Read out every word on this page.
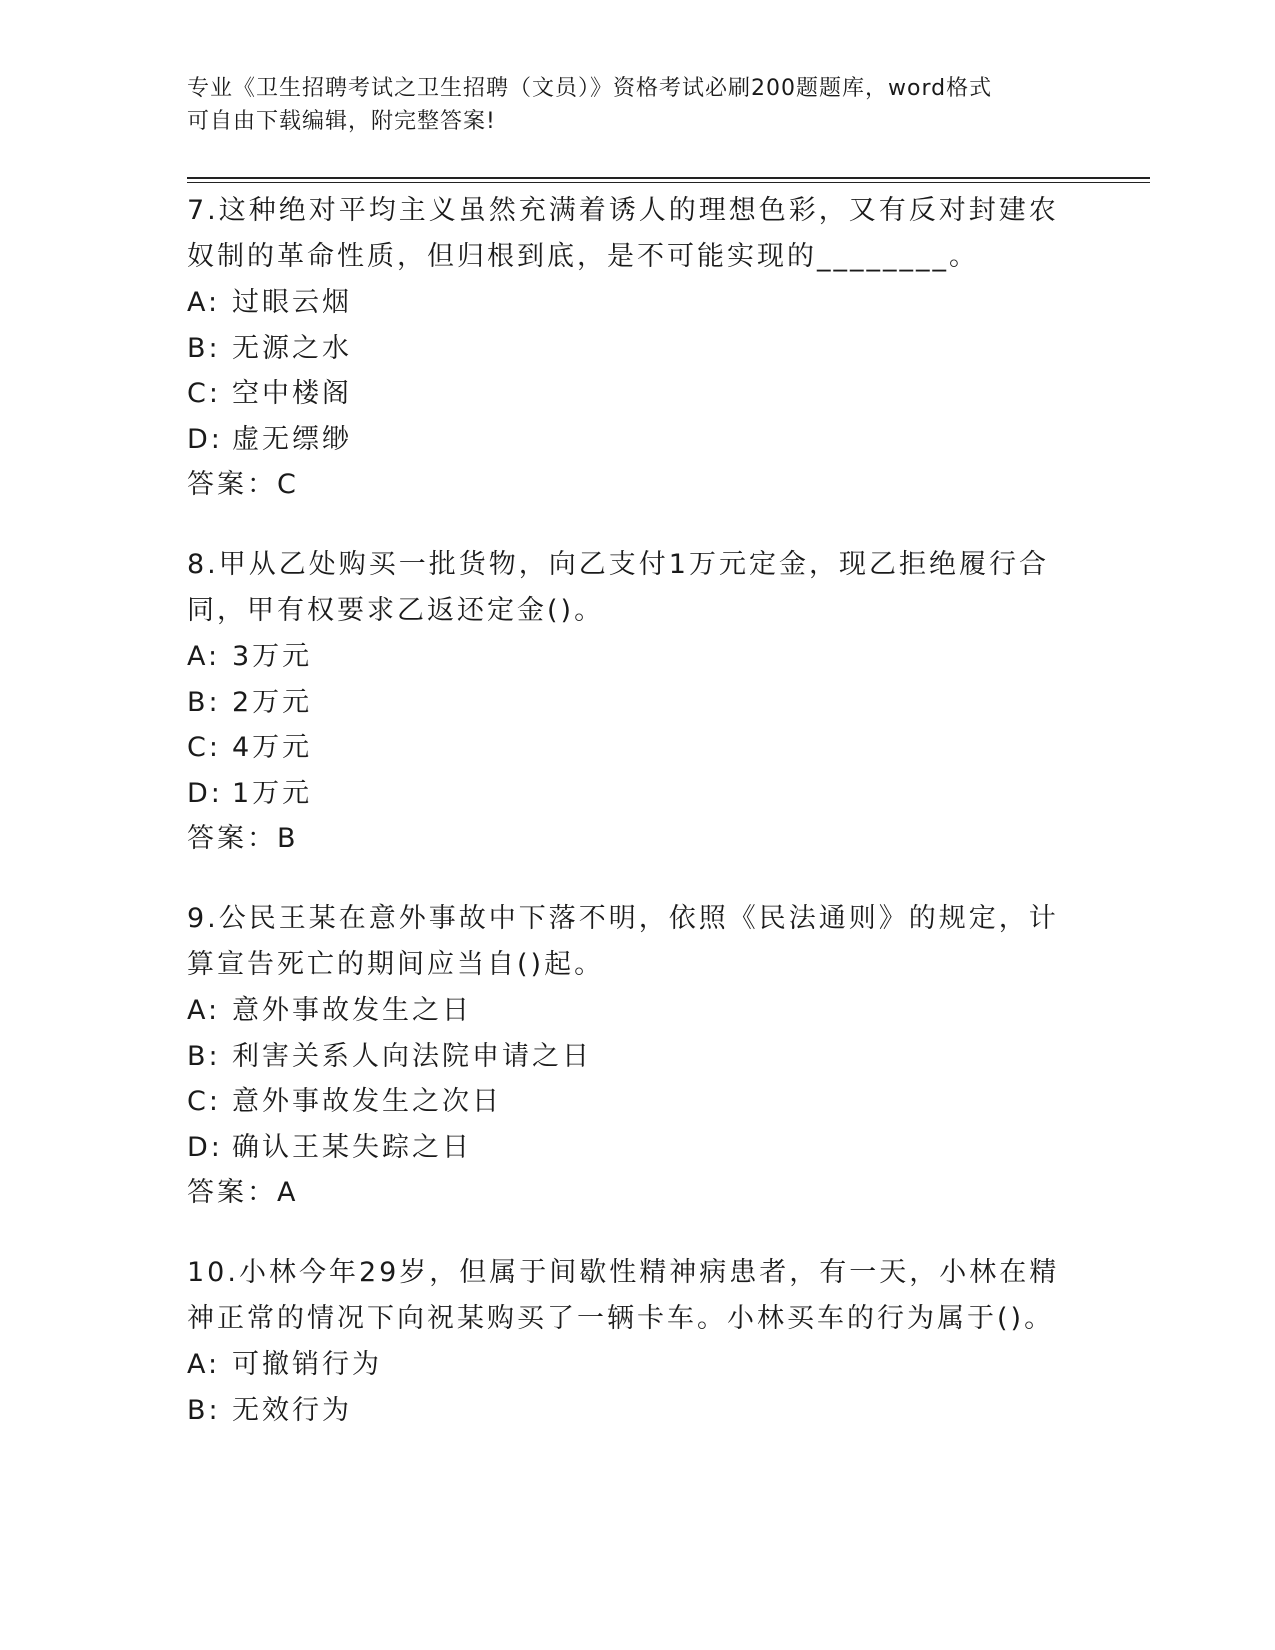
专业《卫生招聘考试之卫生招聘（文员）》资格考试必刷200题题库，word格式
可自由下载编辑，附完整答案!

7.这种绝对平均主义虽然充满着诱人的理想色彩，又有反对封建农奴制的革命性质，但归根到底，是不可能实现的________。

A: 过眼云烟
B: 无源之水
C: 空中楼阁
D: 虚无缥缈

答案：C

8.甲从乙处购买一批货物，向乙支付1万元定金，现乙拒绝履行合同，甲有权要求乙返还定金()。

A: 3万元
B: 2万元
C: 4万元
D: 1万元

答案：B

9.公民王某在意外事故中下落不明，依照《民法通则》的规定，计算宣告死亡的期间应当自()起。

A: 意外事故发生之日
B: 利害关系人向法院申请之日
C: 意外事故发生之次日
D: 确认王某失踪之日

答案：A

10.小林今年29岁，但属于间歇性精神病患者，有一天，小林在精神正常的情况下向祝某购买了一辆卡车。小林买车的行为属于()。

A: 可撤销行为
B: 无效行为
